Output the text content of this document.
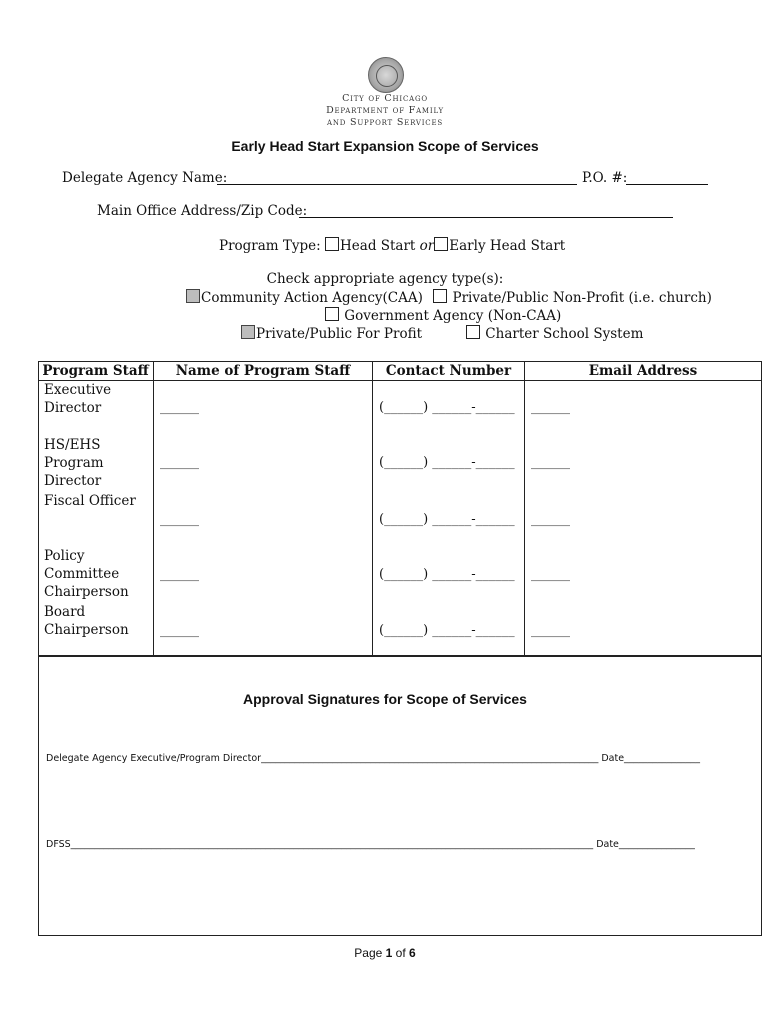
City of Chicago
Department of Family
and Support Services
Early Head Start Expansion Scope of Services
Delegate Agency Name:	P.O. #:
Main Office Address/Zip Code:
Program Type: Head Start or Early Head Start
Check appropriate agency type(s):
Community Action Agency(CAA) Private/Public Non-Profit (i.e. church)
Government Agency (Non-CAA)
Private/Public For Profit	Charter School System
Program Staff	Name of Program Staff	Contact Number	Email Address
Executive Director	______	(______) ______-______	______
HS/EHS Program Director	______	(______) ______-______	______
Fiscal Officer	______	(______) ______-______	______
Policy Committee Chairperson	______	(______) ______-______	______
Board Chairperson	______	(______) ______-______	______
Approval Signatures for Scope of Services
Delegate Agency Executive/Program Director_______________________________________________________________________ Date________________
DFSS______________________________________________________________________________________________________________ Date________________
Page 1 of 6
